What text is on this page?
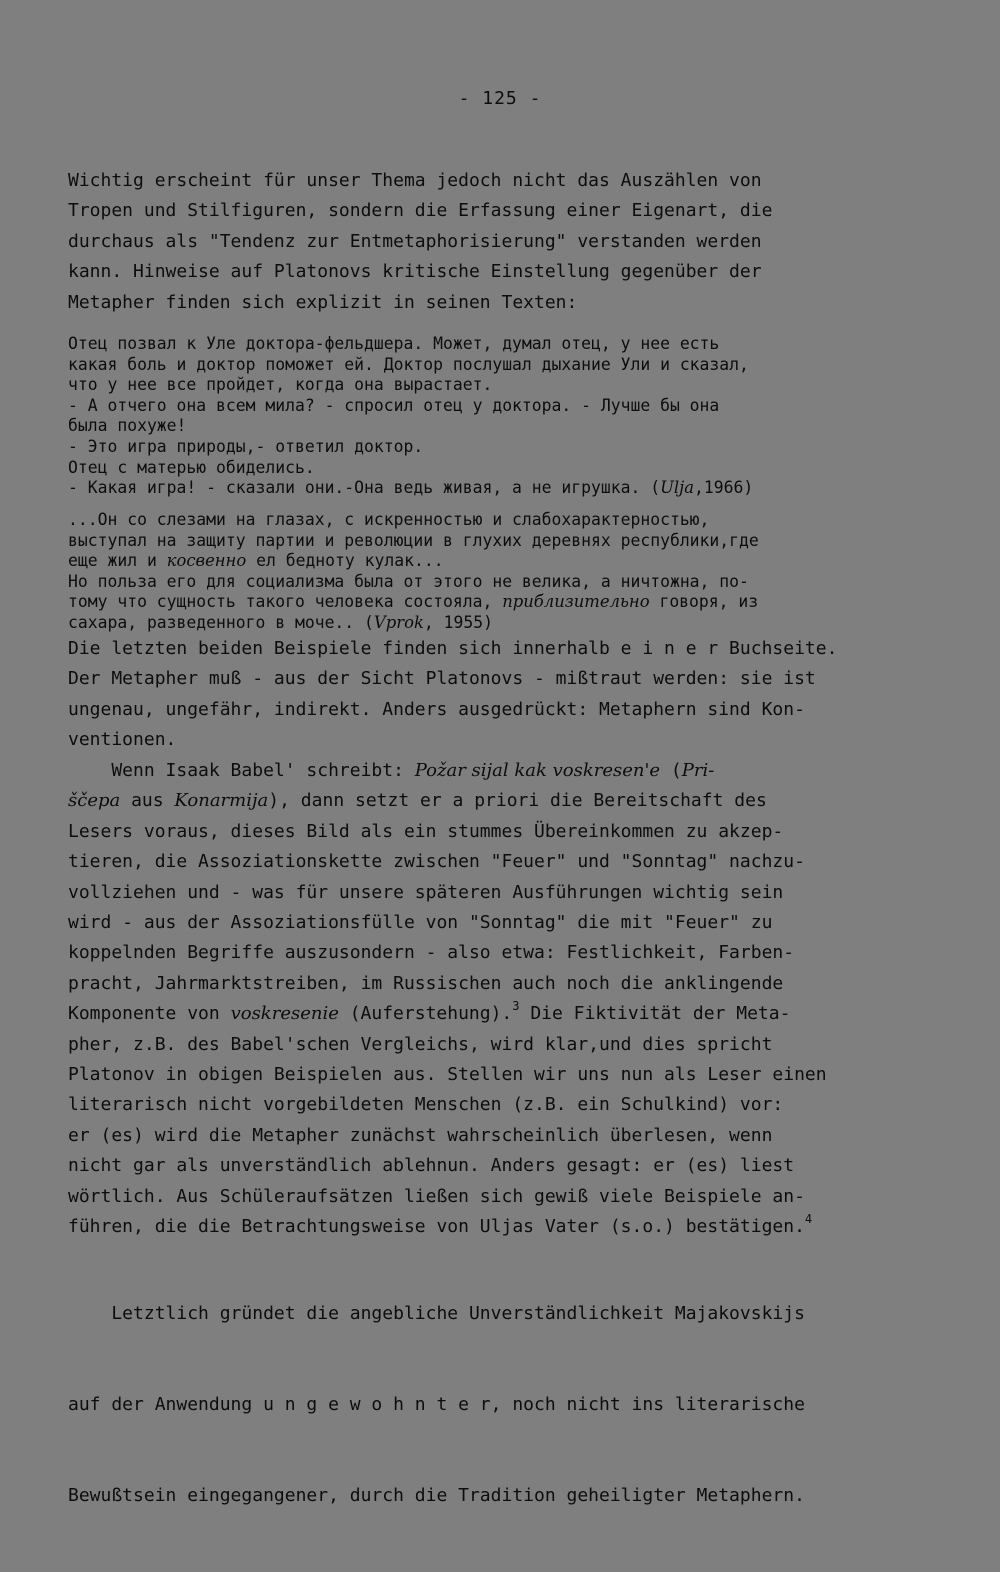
- 125 -
Wichtig erscheint für unser Thema jedoch nicht das Auszählen von
Tropen und Stilfiguren, sondern die Erfassung einer Eigenart, die
durchaus als "Tendenz zur Entmetaphorisierung" verstanden werden
kann. Hinweise auf Platonovs kritische Einstellung gegenüber der
Metapher finden sich explizit in seinen Texten:
Отец позвал к Уле доктора-фельдшера. Может, думал отец, у нее есть
какая боль и доктор поможет ей. Доктор послушал дыхание Ули и сказал,
что у нее все пройдет, когда она вырастает.
- А отчего она всем мила? - спросил отец у доктора. - Лучше бы она
была похуже!
- Это игра природы,- ответил доктор.
Отец с матерью обиделись.
- Какая игра! - сказали они.-Она ведь живая, а не игрушка. (Ulja,1966)
...Он со слезами на глазах, с искренностью и слабохарактерностью,
выступал на защиту партии и революции в глухих деревнях республики,где
еще жил и косвенно ел бедноту кулак...
Но польза его для социализма была от этого не велика, а ничтожна, по-
тому что сущность такого человека состояла, приблизительно говоря, из
сахара, разведенного в моче.. (Vprok, 1955)
Die letzten beiden Beispiele finden sich innerhalb e i n e r Buchseite.
Der Metapher muß - aus der Sicht Platonovs - mißtraut werden: sie ist
ungenau, ungefähr, indirekt. Anders ausgedrückt: Metaphern sind Kon-
ventionen.
Wenn Isaak Babel' schreibt: Požar sijal kak voskresen'e (Pri-
ščepa aus Konarmija), dann setzt er a priori die Bereitschaft des
Lesers voraus, dieses Bild als ein stummes Übereinkommen zu akzep-
tieren, die Assoziationskette zwischen "Feuer" und "Sonntag" nachzu-
vollziehen und - was für unsere späteren Ausführungen wichtig sein
wird - aus der Assoziationsfülle von "Sonntag" die mit "Feuer" zu
koppelnden Begriffe auszusondern - also etwa: Festlichkeit, Farben-
pracht, Jahrmarktstreiben, im Russischen auch noch die anklingende
Komponente von voskresenie (Auferstehung).$^3$ Die Fiktivität der Meta-
pher, z.B. des Babel'schen Vergleichs, wird klar,und dies spricht
Platonov in obigen Beispielen aus. Stellen wir uns nun als Leser einen
literarisch nicht vorgebildeten Menschen (z.B. ein Schulkind) vor:
er (es) wird die Metapher zunächst wahrscheinlich überlesen, wenn
nicht gar als unverständlich ablehnun. Anders gesagt: er (es) liest
wörtlich. Aus Schüleraufsätzen ließen sich gewiß viele Beispiele an-
führen, die die Betrachtungsweise von Uljas Vater (s.o.) bestätigen.$^4$

Letztlich gründet die angebliche Unverständlichkeit Majakovskijs

auf der Anwendung u n g e w o h n t e r, noch nicht ins literarische

Bewußtsein eingegangener, durch die Tradition geheiligter Metaphern.
